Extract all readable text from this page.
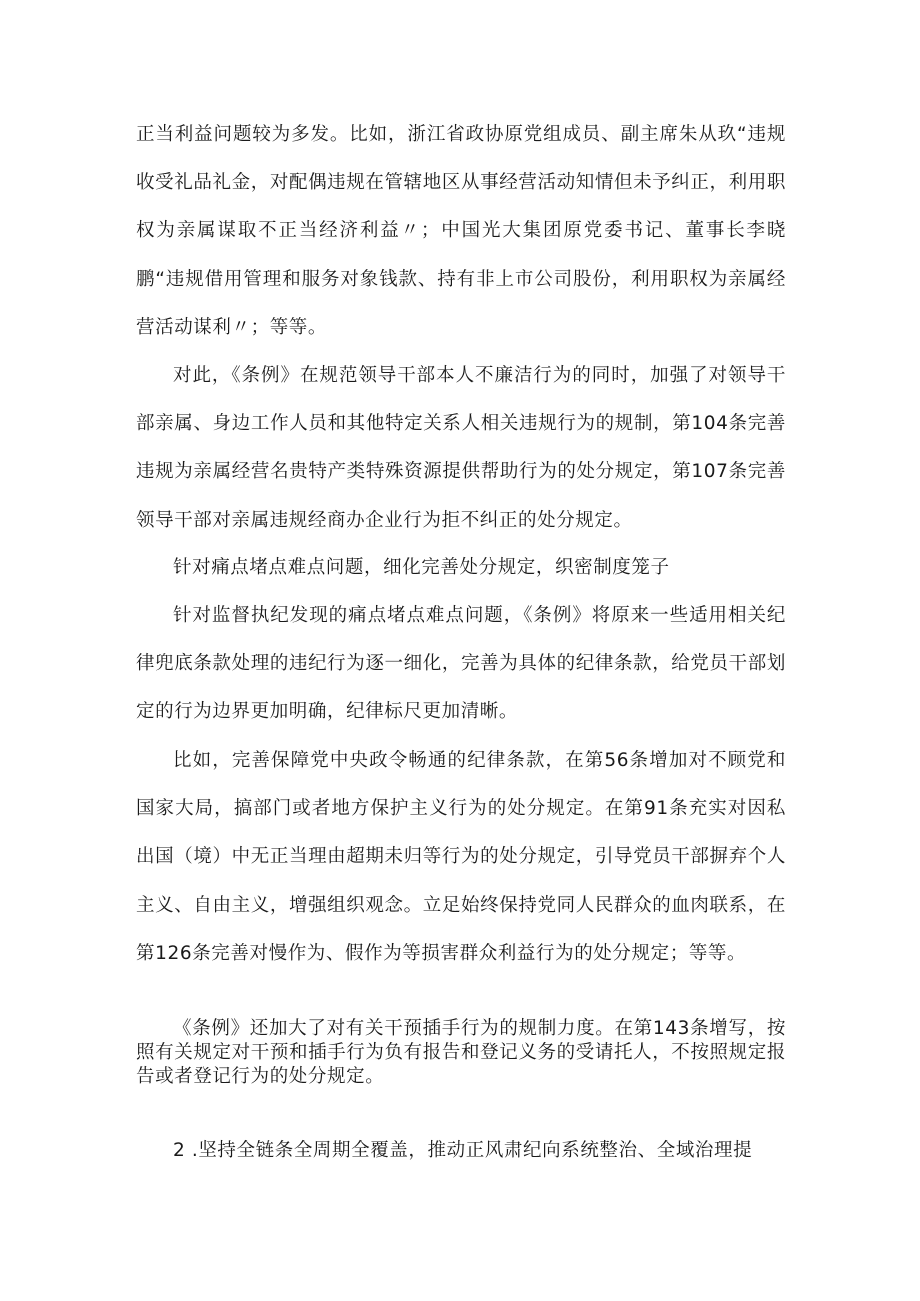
正当利益问题较为多发。比如，浙江省政协原党组成员、副主席朱从玖“违规收受礼品礼金，对配偶违规在管辖地区从事经营活动知情但未予纠正，利用职权为亲属谋取不正当经济利益〃；中国光大集团原党委书记、董事长李晓鹏“违规借用管理和服务对象钱款、持有非上市公司股份，利用职权为亲属经营活动谋利〃；等等。

对此，《条例》在规范领导干部本人不廉洁行为的同时，加强了对领导干部亲属、身边工作人员和其他特定关系人相关违规行为的规制，第104条完善违规为亲属经营名贵特产类特殊资源提供帮助行为的处分规定，第107条完善领导干部对亲属违规经商办企业行为拒不纠正的处分规定。

针对痛点堵点难点问题，细化完善处分规定，织密制度笼子

针对监督执纪发现的痛点堵点难点问题，《条例》将原来一些适用相关纪律兜底条款处理的违纪行为逐一细化，完善为具体的纪律条款，给党员干部划定的行为边界更加明确，纪律标尺更加清晰。

比如，完善保障党中央政令畅通的纪律条款，在第56条增加对不顾党和国家大局，搞部门或者地方保护主义行为的处分规定。在第91条充实对因私出国（境）中无正当理由超期未归等行为的处分规定，引导党员干部摒弃个人主义、自由主义，增强组织观念。立足始终保持党同人民群众的血肉联系，在第126条完善对慢作为、假作为等损害群众利益行为的处分规定；等等。

《条例》还加大了对有关干预插手行为的规制力度。在第143条增写，按照有关规定对干预和插手行为负有报告和登记义务的受请托人，不按照规定报告或者登记行为的处分规定。

2 .坚持全链条全周期全覆盖，推动正风肃纪向系统整治、全域治理提
